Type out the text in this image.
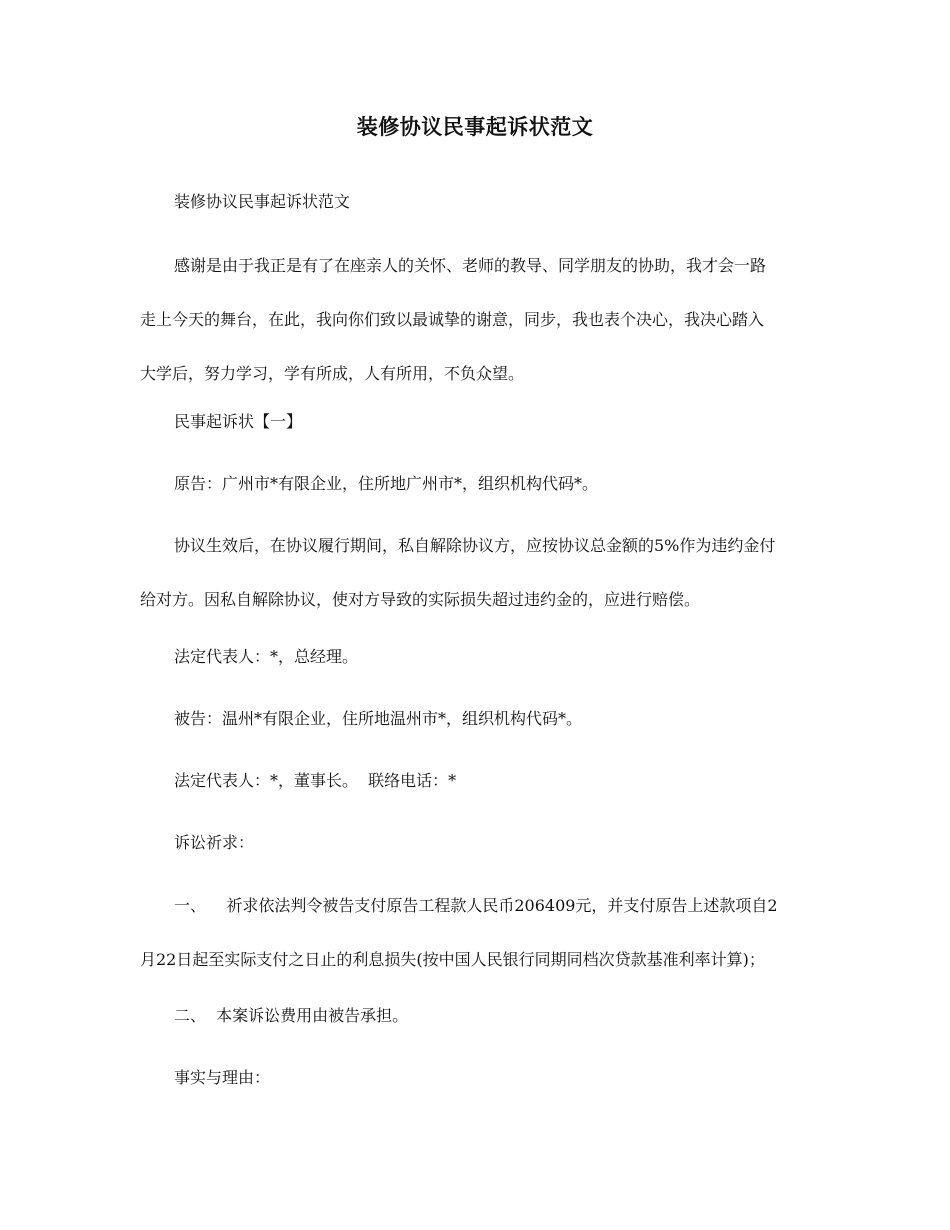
装修协议民事起诉状范文
装修协议民事起诉状范文
感谢是由于我正是有了在座亲人的关怀、老师的教导、同学朋友的协助，我才会一路
走上今天的舞台，在此，我向你们致以最诚挚的谢意，同步，我也表个决心，我决心踏入
大学后，努力学习，学有所成，人有所用，不负众望。
民事起诉状【一】
原告：广州市*有限企业，住所地广州市*，组织机构代码*。
协议生效后，在协议履行期间，私自解除协议方，应按协议总金额的5%作为违约金付
给对方。因私自解除协议，使对方导致的实际损失超过违约金的，应进行赔偿。
法定代表人：*，总经理。
被告：温州*有限企业，住所地温州市*，组织机构代码*。
法定代表人：*，董事长。  联络电话：*
诉讼祈求：
一、    祈求依法判令被告支付原告工程款人民币206409元，并支付原告上述款项自2
月22日起至实际支付之日止的利息损失(按中国人民银行同期同档次贷款基准利率计算)；
二、  本案诉讼费用由被告承担。
事实与理由：
